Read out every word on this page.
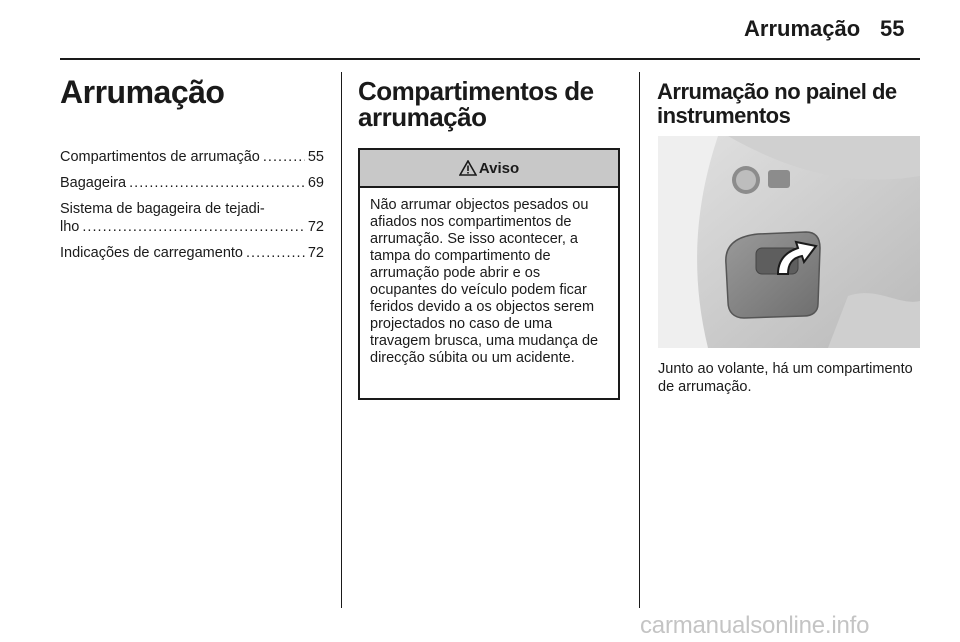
Arrumação 55
Arrumação
Compartimentos de arrumação . . .	55
Bagageira . . .	69
Sistema de bagageira de tejadi-
lho . . .	72
Indicações de carregamento . . .	72
Compartimentos de arrumação
Aviso
Não arrumar objectos pesados ou afiados nos compartimentos de arrumação. Se isso acontecer, a tampa do compartimento de arrumação pode abrir e os ocupantes do veículo podem ficar feridos devido a os objectos serem projectados no caso de uma travagem brusca, uma mudança de direcção súbita ou um acidente.
Arrumação no painel de instrumentos
Junto ao volante, há um compartimento de arrumação.
carmanualsonline.info
